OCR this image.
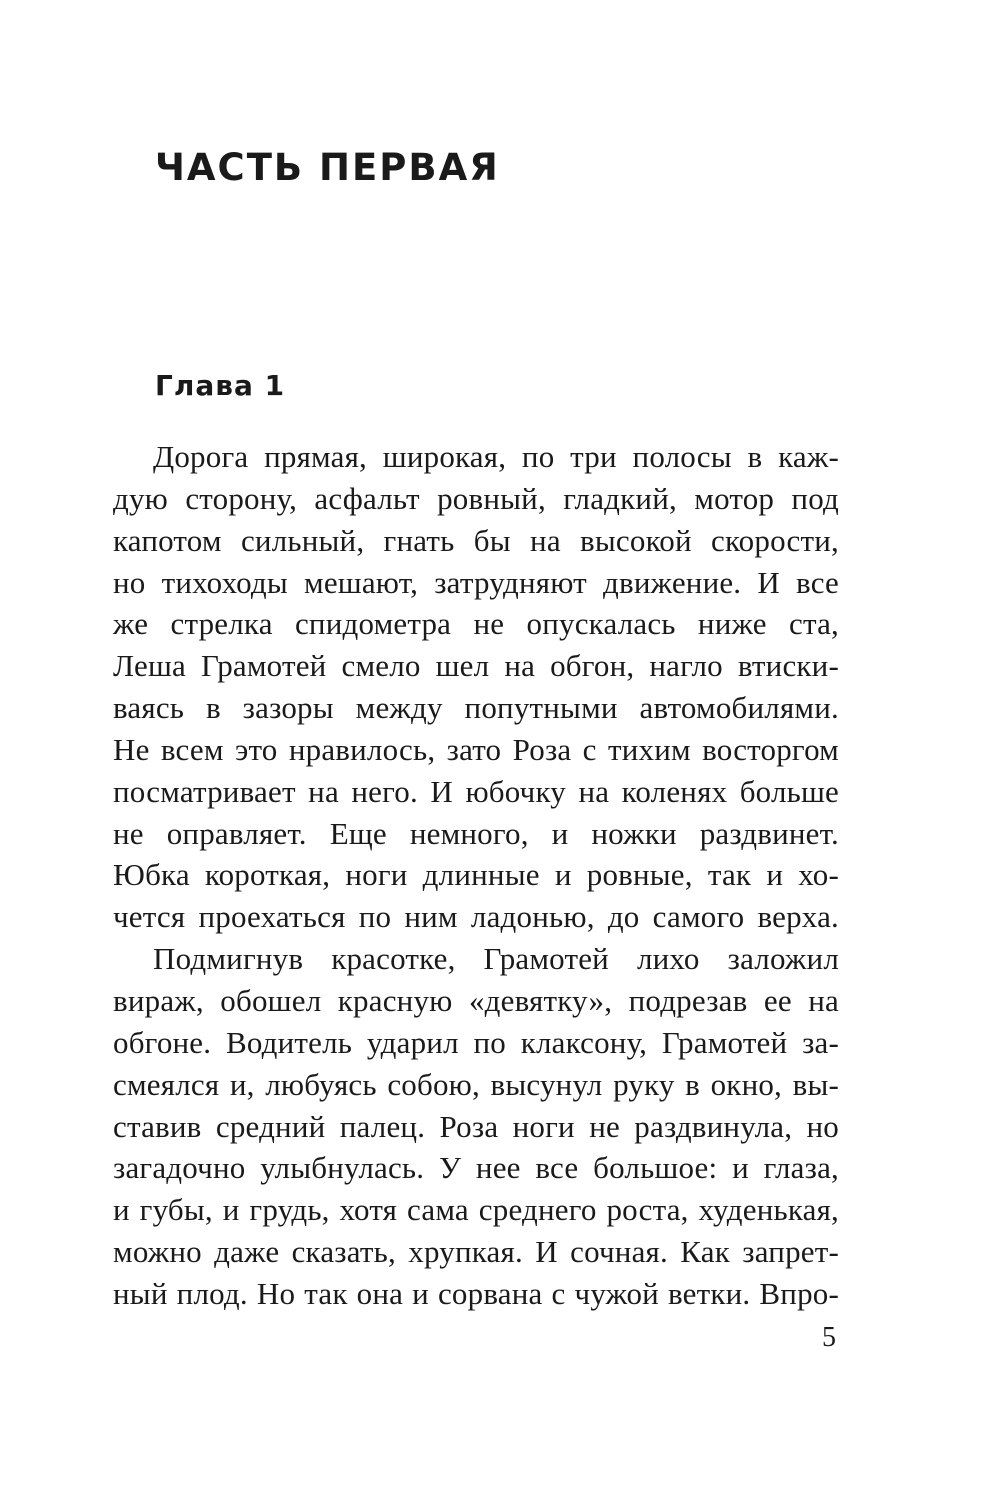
ЧАСТЬ ПЕРВАЯ
Глава 1
Дорога прямая, широкая, по три полосы в каж-
дую сторону, асфальт ровный, гладкий, мотор под
капотом сильный, гнать бы на высокой скорости,
но тихоходы мешают, затрудняют движение. И все
же стрелка спидометра не опускалась ниже ста,
Леша Грамотей смело шел на обгон, нагло втиски-
ваясь в зазоры между попутными автомобилями.
Не всем это нравилось, зато Роза с тихим восторгом
посматривает на него. И юбочку на коленях больше
не оправляет. Еще немного, и ножки раздвинет.
Юбка короткая, ноги длинные и ровные, так и хо-
чется проехаться по ним ладонью, до самого верха.
Подмигнув красотке, Грамотей лихо заложил
вираж, обошел красную «девятку», подрезав ее на
обгоне. Водитель ударил по клаксону, Грамотей за-
смеялся и, любуясь собою, высунул руку в окно, вы-
ставив средний палец. Роза ноги не раздвинула, но
загадочно улыбнулась. У нее все большое: и глаза,
и губы, и грудь, хотя сама среднего роста, худенькая,
можно даже сказать, хрупкая. И сочная. Как запрет-
ный плод. Но так она и сорвана с чужой ветки. Впро-
5
